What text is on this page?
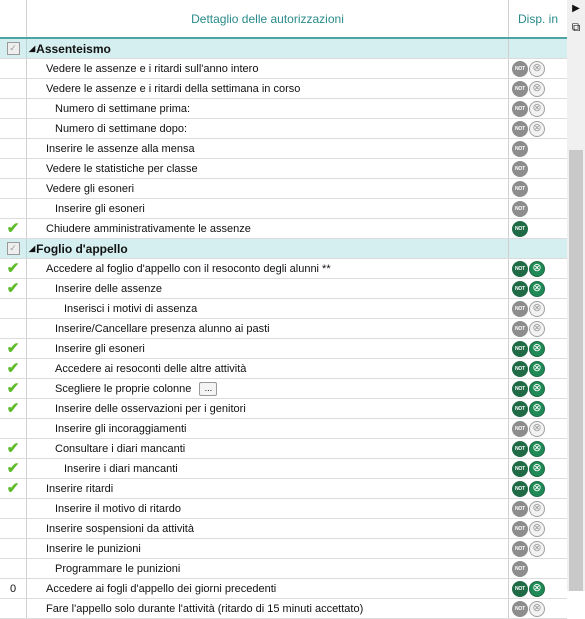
Dettaglio delle autorizzazioni	Disp. in
✓	◢ Assenteismo
Vedere le assenze e i ritardi sull'anno intero	NOT ⊗
Vedere le assenze e i ritardi della settimana in corso	NOT ⊗
Numero di settimane prima:	NOT ⊗
Numero di settimane dopo:	NOT ⊗
Inserire le assenze alla mensa	NOT
Vedere le statistiche per classe	NOT
Vedere gli esoneri	NOT
Inserire gli esoneri	NOT
✔ Chiudere amministrativamente le assenze	NOT
✓	◢ Foglio d'appello
✔ Accedere al foglio d'appello con il resoconto degli alunni **	NOT ⊗
✔	Inserire delle assenze	NOT ⊗
Inserisci i motivi di assenza	NOT ⊗
Inserire/Cancellare presenza alunno ai pasti	NOT ⊗
✔	Inserire gli esoneri	NOT ⊗
✔	Accedere ai resoconti delle altre attività	NOT ⊗
✔	Scegliere le proprie colonne	...	NOT ⊗
✔	Inserire delle osservazioni per i genitori	NOT ⊗
Inserire gli incoraggiamenti	NOT ⊗
✔	Consultare i diari mancanti	NOT ⊗
✔	Inserire i diari mancanti	NOT ⊗
✔ Inserire ritardi	NOT ⊗
Inserire il motivo di ritardo	NOT ⊗
Inserire sospensioni da attività	NOT ⊗
Inserire le punizioni	NOT ⊗
Programmare le punizioni	NOT
0	Accedere ai fogli d'appello dei giorni precedenti	NOT ⊗
Fare l'appello solo durante l'attività (ritardo di 15 minuti accettato)	NOT ⊗
▶
⧉
